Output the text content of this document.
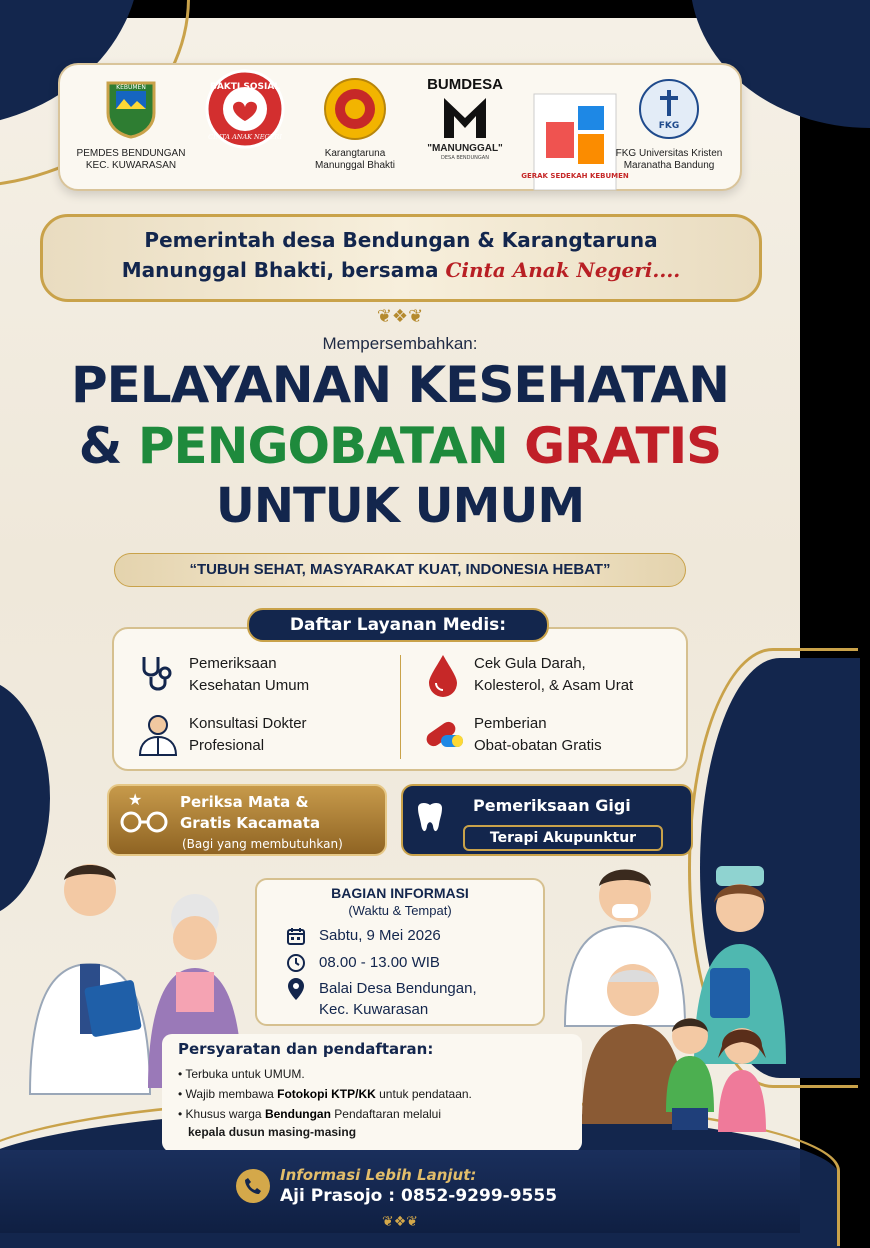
KEBUMEN
PEMDES BENDUNGAN KEC. KUWARASAN
BAKTI SOSIAL
CINTA ANAK NEGERI
Karangtaruna Manunggal Bhakti
BUMDESA
"MANUNGGAL"
DESA BENDUNGAN
GERAK SEDEKAH KEBUMEN
FKG
FKG Universitas Kristen Maranatha Bandung
Pemerintah desa Bendungan & Karangtaruna
Manunggal Bhakti, bersama Cinta Anak Negeri....
❦❖❦
Mempersembahkan:
PELAYANAN KESEHATAN
& PENGOBATAN GRATIS
UNTUK UMUM
“TUBUH SEHAT, MASYARAKAT KUAT, INDONESIA HEBAT”
Daftar Layanan Medis:
Pemeriksaan
Kesehatan Umum
Cek Gula Darah,
Kolesterol, & Asam Urat
Konsultasi Dokter
Profesional
Pemberian
Obat-obatan Gratis
★	Periksa Mata &
Gratis Kacamata
(Bagi yang membutuhkan)
Pemeriksaan Gigi
Terapi Akupunktur
BAGIAN INFORMASI
(Waktu & Tempat)
Sabtu, 9 Mei 2026
08.00 - 13.00 WIB
Balai Desa Bendungan,
Kec. Kuwarasan
Persyaratan dan pendaftaran:
• Terbuka untuk UMUM.
• Wajib membawa Fotokopi KTP/KK untuk pendataan.
• Khusus warga Bendungan Pendaftaran melalui
kepala dusun masing-masing
Informasi Lebih Lanjut:
Aji Prasojo : 0852-9299-9555
❦❖❦
